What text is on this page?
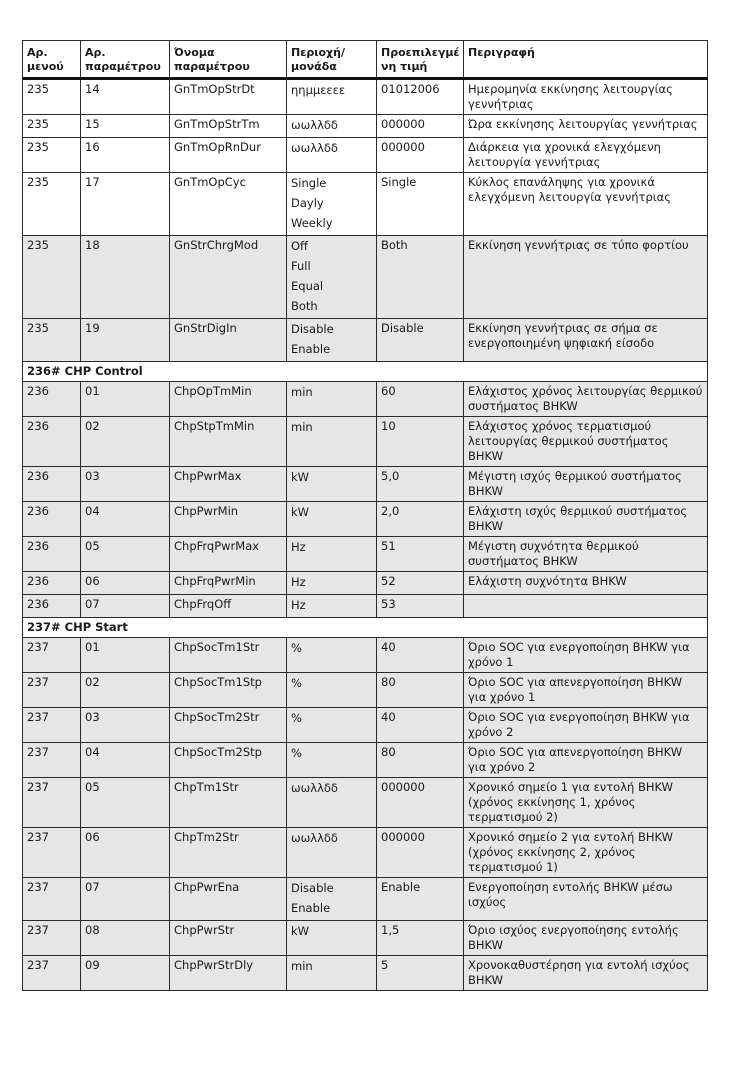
Αρ. μενού	Αρ. παραμέτρου	Όνομα παραμέτρου	Περιοχή/ μονάδα	Προεπιλεγμέ νη τιμή	Περιγραφή
235	14	GnTmOpStrDt	ηημμεεεε	01012006	Ημερομηνία εκκίνησης λειτουργίας γεννήτριας
235	15	GnTmOpStrTm	ωωλλδδ	000000	Ώρα εκκίνησης λειτουργίας γεννήτριας
235	16	GnTmOpRnDur	ωωλλδδ	000000	Διάρκεια για χρονικά ελεγχόμενη λειτουργία γεννήτριας
235	17	GnTmOpCyc	Single
Dayly
Weekly	Single	Κύκλος επανάληψης για χρονικά ελεγχόμενη λειτουργία γεννήτριας
235	18	GnStrChrgMod	Off
Full
Equal
Both	Both	Εκκίνηση γεννήτριας σε τύπο φορτίου
235	19	GnStrDigIn	Disable
Enable	Disable	Εκκίνηση γεννήτριας σε σήμα σε ενεργοποιημένη ψηφιακή είσοδο
236# CHP Control					
236	01	ChpOpTmMin	min	60	Ελάχιστος χρόνος λειτουργίας θερμικού συστήματος BHKW
236	02	ChpStpTmMin	min	10	Ελάχιστος χρόνος τερματισμού λειτουργίας θερμικού συστήματος BHKW
236	03	ChpPwrMax	kW	5,0	Μέγιστη ισχύς θερμικού συστήματος BHKW
236	04	ChpPwrMin	kW	2,0	Ελάχιστη ισχύς θερμικού συστήματος BHKW
236	05	ChpFrqPwrMax	Hz	51	Μέγιστη συχνότητα θερμικού συστήματος BHKW
236	06	ChpFrqPwrMin	Hz	52	Ελάχιστη συχνότητα BHKW
236	07	ChpFrqOff	Hz	53	
237# CHP Start					
237	01	ChpSocTm1Str	%	40	Όριο SOC για ενεργοποίηση BHKW για χρόνο 1
237	02	ChpSocTm1Stp	%	80	Όριο SOC για απενεργοποίηση BHKW για χρόνο 1
237	03	ChpSocTm2Str	%	40	Όριο SOC για ενεργοποίηση BHKW για χρόνο 2
237	04	ChpSocTm2Stp	%	80	Όριο SOC για απενεργοποίηση BHKW για χρόνο 2
237	05	ChpTm1Str	ωωλλδδ	000000	Χρονικό σημείο 1 για εντολή BHKW (χρόνος εκκίνησης 1, χρόνος τερματισμού 2)
237	06	ChpTm2Str	ωωλλδδ	000000	Χρονικό σημείο 2 για εντολή BHKW (χρόνος εκκίνησης 2, χρόνος τερματισμού 1)
237	07	ChpPwrEna	Disable
Enable	Enable	Ενεργοποίηση εντολής BHKW μέσω ισχύος
237	08	ChpPwrStr	kW	1,5	Όριο ισχύος ενεργοποίησης εντολής BHKW
237	09	ChpPwrStrDly	min	5	Χρονοκαθυστέρηση για εντολή ισχύος BHKW
